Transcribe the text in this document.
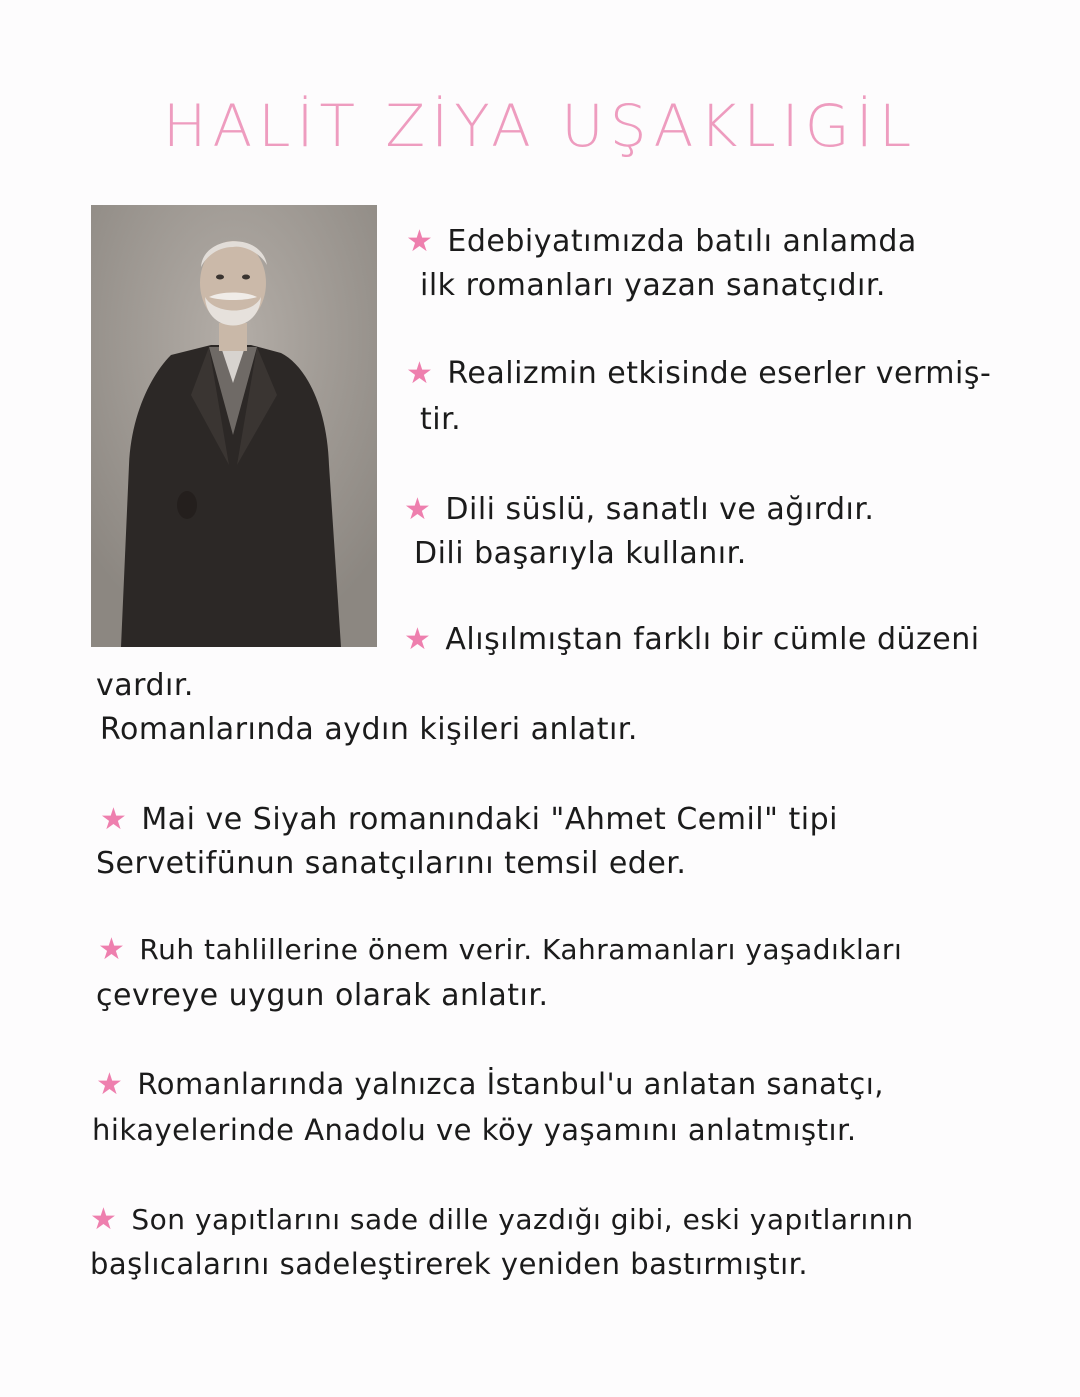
HALİT ZİYA UŞAKLIGİL
★ Edebiyatımızda batılı anlamda
ilk romanları yazan sanatçıdır.
★ Realizmin etkisinde eserler vermiş-
tir.
★ Dili süslü, sanatlı ve ağırdır.
Dili başarıyla kullanır.
★ Alışılmıştan farklı bir cümle düzeni
vardır.
Romanlarında aydın kişileri anlatır.
★ Mai ve Siyah romanındaki "Ahmet Cemil" tipi
Servetifünun sanatçılarını temsil eder.
★ Ruh tahlillerine önem verir. Kahramanları yaşadıkları
çevreye uygun olarak anlatır.
★ Romanlarında yalnızca İstanbul'u anlatan sanatçı,
hikayelerinde Anadolu ve köy yaşamını anlatmıştır.
★ Son yapıtlarını sade dille yazdığı gibi, eski yapıtlarının
başlıcalarını sadeleştirerek yeniden bastırmıştır.
